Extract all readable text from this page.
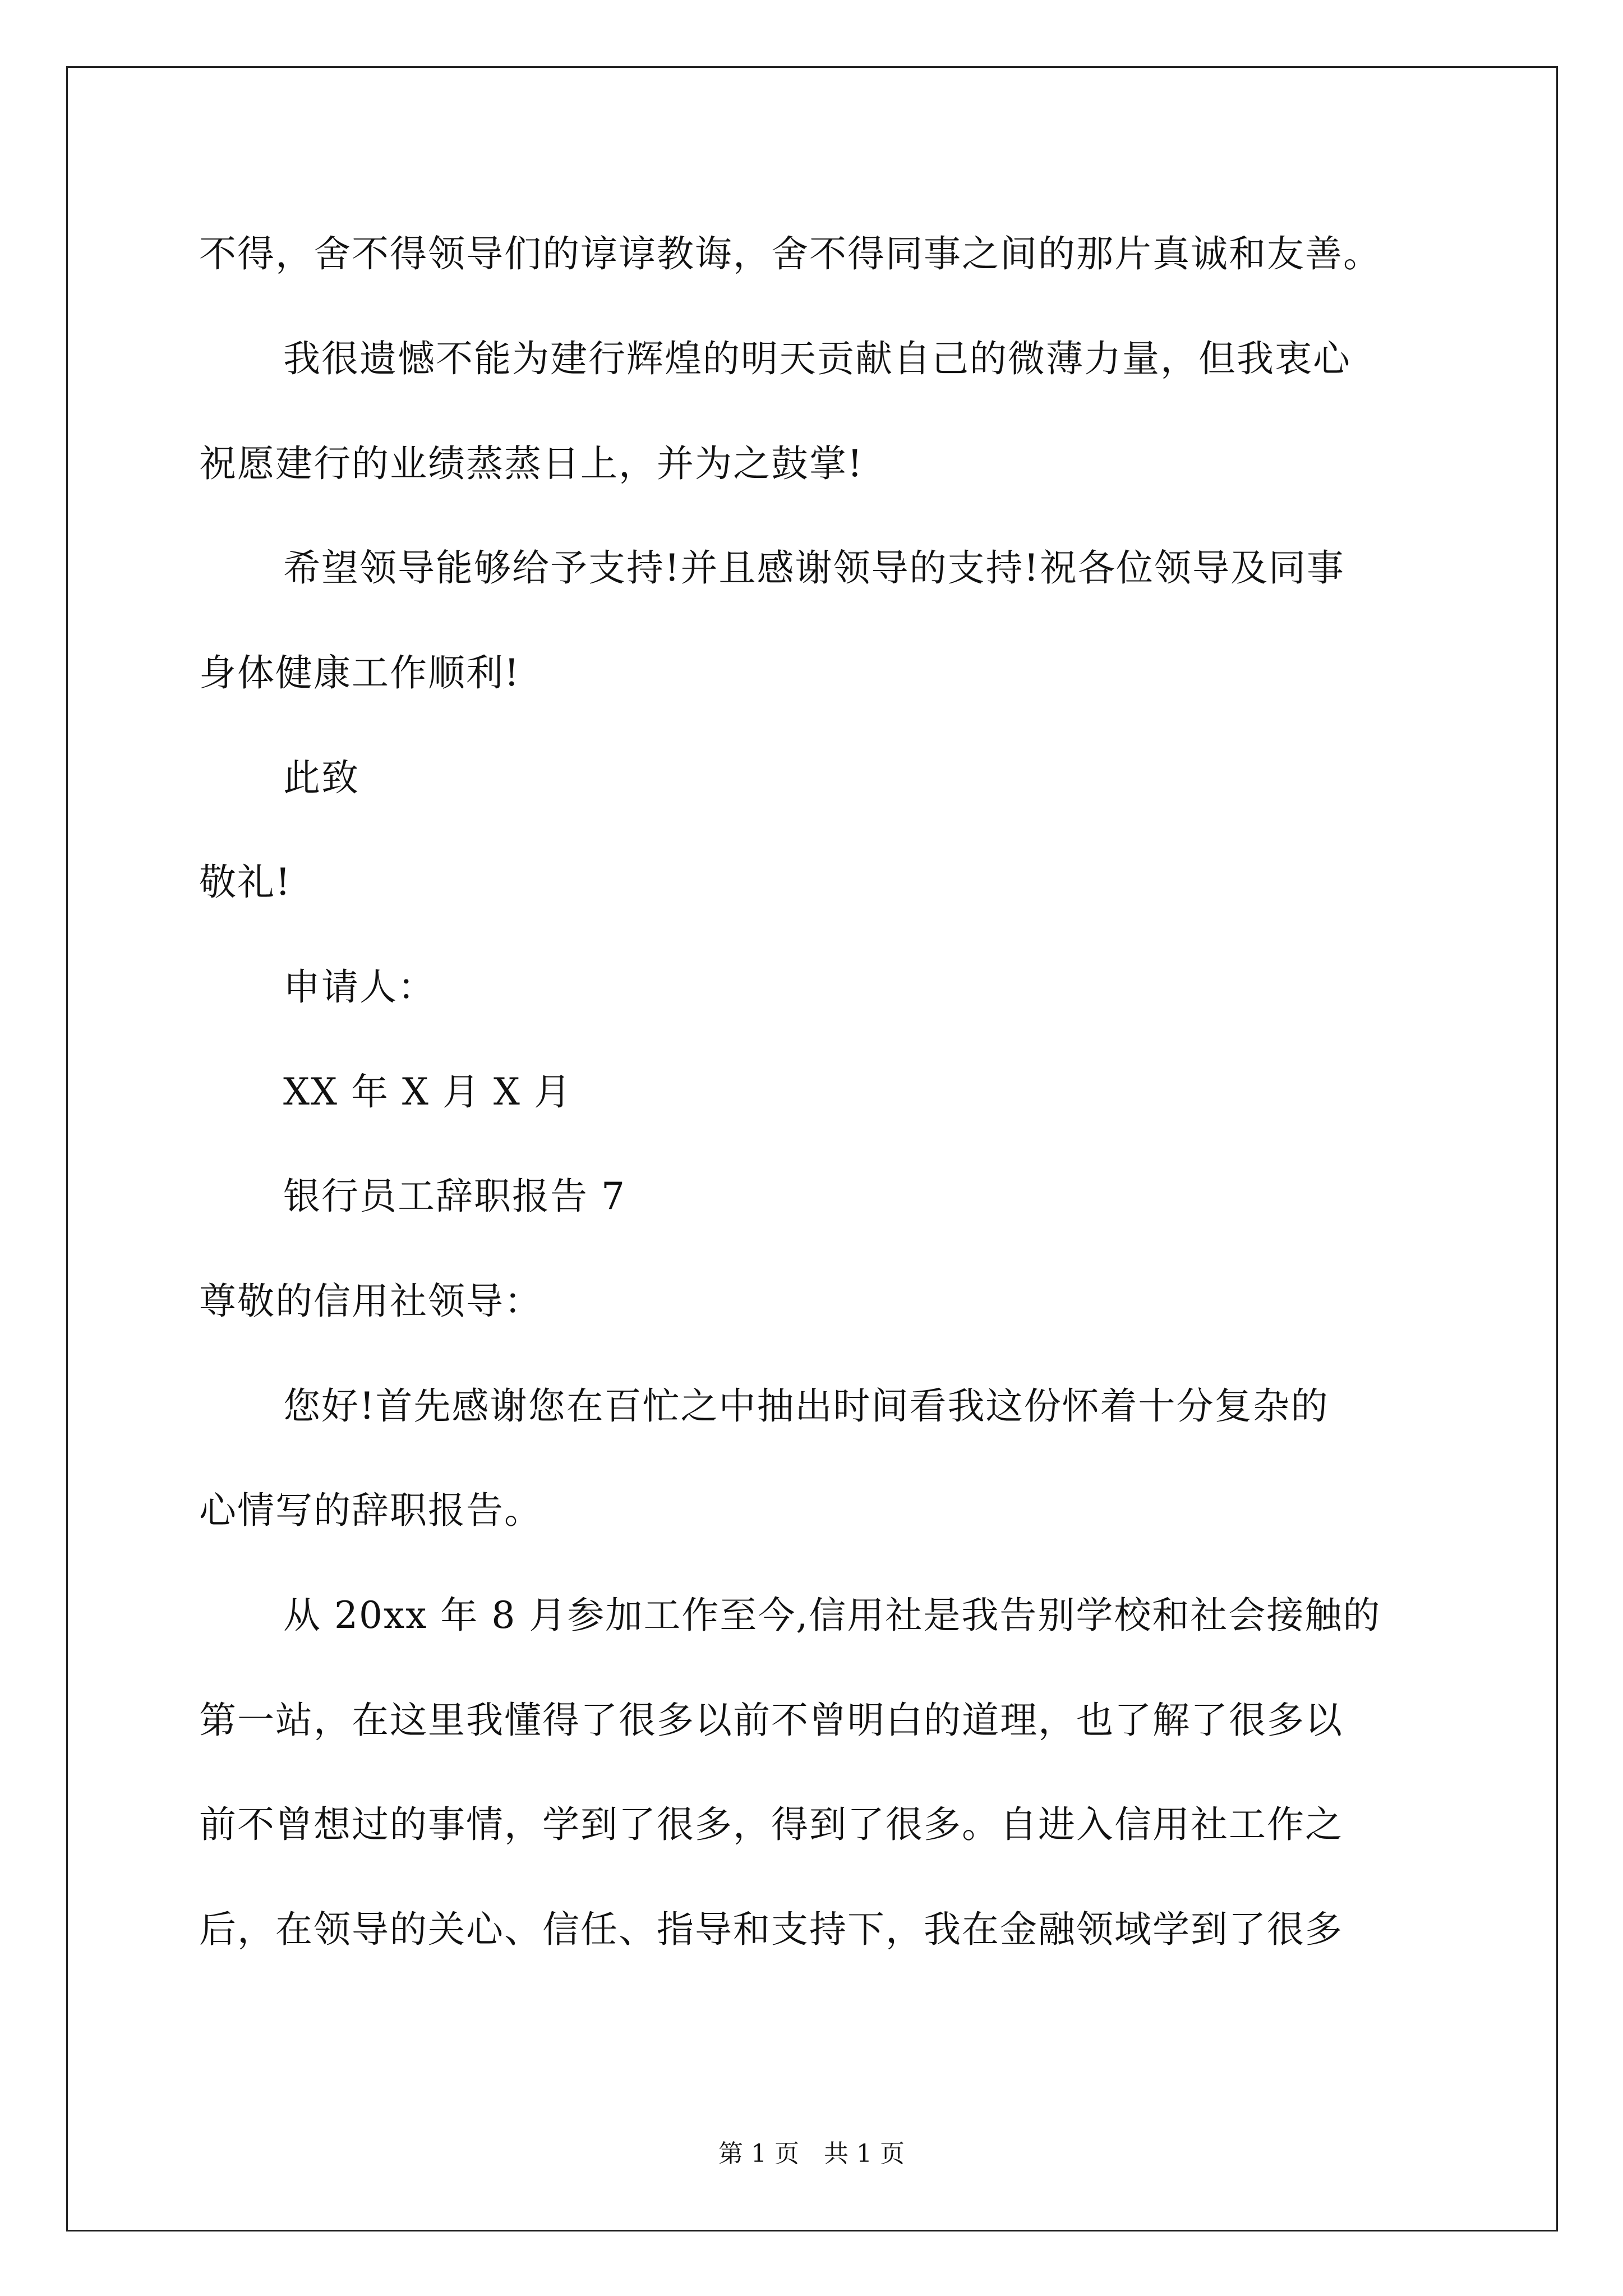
不得，舍不得领导们的谆谆教诲，舍不得同事之间的那片真诚和友善。
我很遗憾不能为建行辉煌的明天贡献自己的微薄力量，但我衷心
祝愿建行的业绩蒸蒸日上，并为之鼓掌!
希望领导能够给予支持!并且感谢领导的支持!祝各位领导及同事
身体健康工作顺利!
此致
敬礼!
申请人：
XX 年 X 月 X 月
银行员工辞职报告 7
尊敬的信用社领导：
您好!首先感谢您在百忙之中抽出时间看我这份怀着十分复杂的
心情写的辞职报告。
从 20xx 年 8 月参加工作至今,信用社是我告别学校和社会接触的
第一站，在这里我懂得了很多以前不曾明白的道理，也了解了很多以
前不曾想过的事情，学到了很多，得到了很多。自进入信用社工作之
后，在领导的关心、信任、指导和支持下，我在金融领域学到了很多
第 1 页　共 1 页
